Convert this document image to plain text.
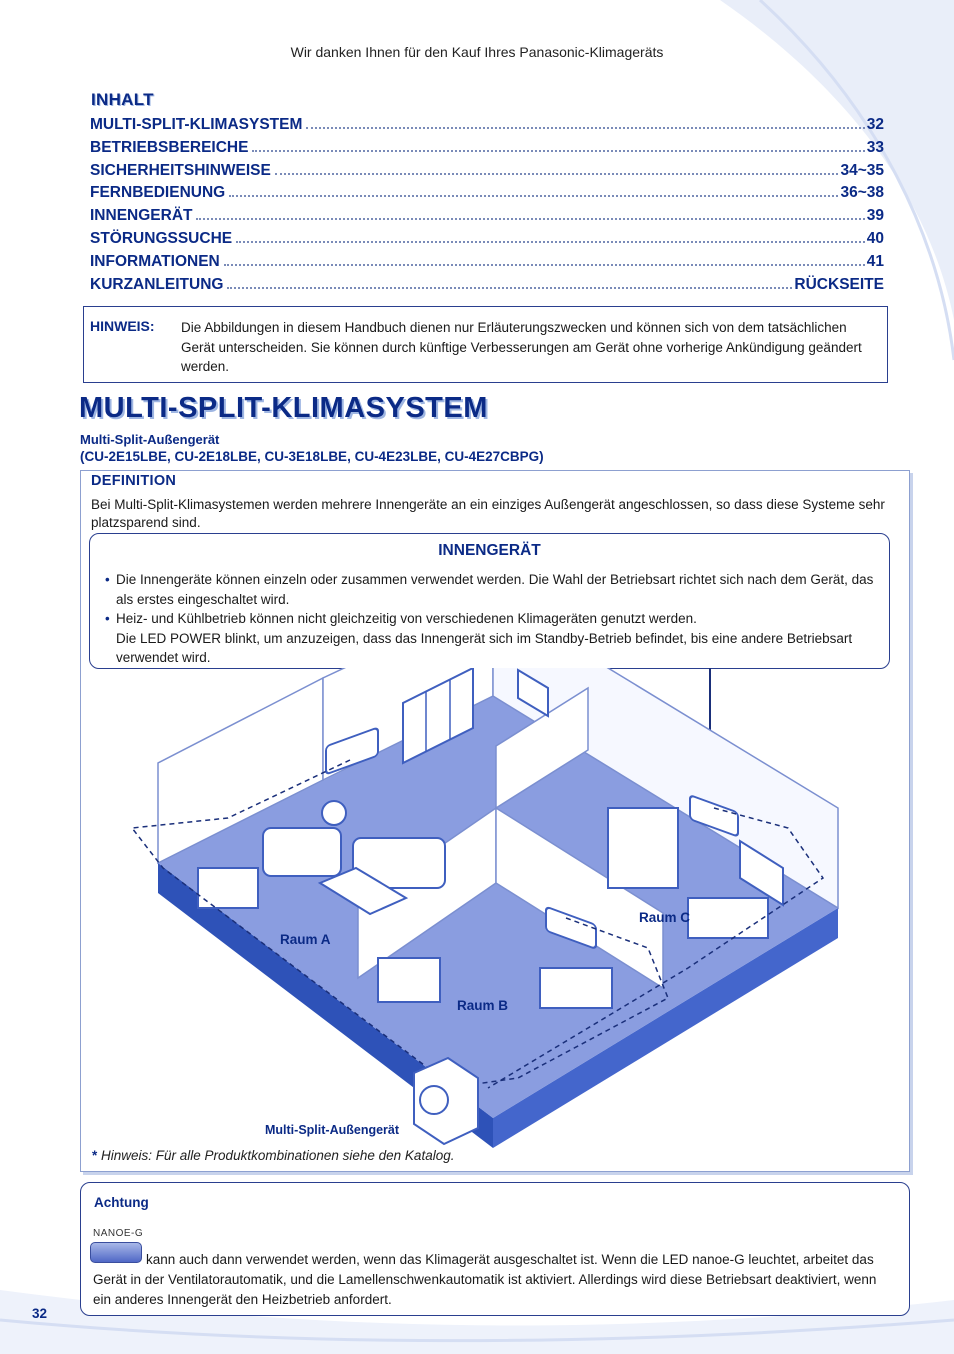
Wir danken Ihnen für den Kauf Ihres Panasonic-Klimageräts
INHALT
MULTI-SPLIT-KLIMASYSTEM	32
BETRIEBSBEREICHE	33
SICHERHEITSHINWEISE	34~35
FERNBEDIENUNG	36~38
INNENGERÄT	39
STÖRUNGSSUCHE	40
INFORMATIONEN	41
KURZANLEITUNG	RÜCKSEITE
HINWEIS: Die Abbildungen in diesem Handbuch dienen nur Erläuterungszwecken und können sich von dem tatsächlichen Gerät unterscheiden. Sie können durch künftige Verbesserungen am Gerät ohne vorherige Ankündigung geändert werden.
MULTI-SPLIT-KLIMASYSTEM
Multi-Split-Außengerät
(CU-2E15LBE, CU-2E18LBE, CU-3E18LBE, CU-4E23LBE, CU-4E27CBPG)
DEFINITION
Bei Multi-Split-Klimasystemen werden mehrere Innengeräte an ein einziges Außengerät angeschlossen, so dass diese Systeme sehr platzsparend sind.
INNENGERÄT
• Die Innengeräte können einzeln oder zusammen verwendet werden. Die Wahl der Betriebsart richtet sich nach dem Gerät, das als erstes eingeschaltet wird.
• Heiz- und Kühlbetrieb können nicht gleichzeitig von verschiedenen Klimageräten genutzt werden.
Die LED POWER blinkt, um anzuzeigen, dass das Innengerät sich im Standby-Betrieb befindet, bis eine andere Betriebsart verwendet wird.
Raum A
Raum B
Raum C
Multi-Split-Außengerät
* Hinweis: Für alle Produktkombinationen siehe den Katalog.
Achtung
NANOE-G
kann auch dann verwendet werden, wenn das Klimagerät ausgeschaltet ist. Wenn die LED nanoe-G leuchtet, arbeitet das Gerät in der Ventilatorautomatik, und die Lamellenschwenkautomatik ist aktiviert. Allerdings wird diese Betriebsart deaktiviert, wenn ein anderes Innengerät den Heizbetrieb anfordert.
32
